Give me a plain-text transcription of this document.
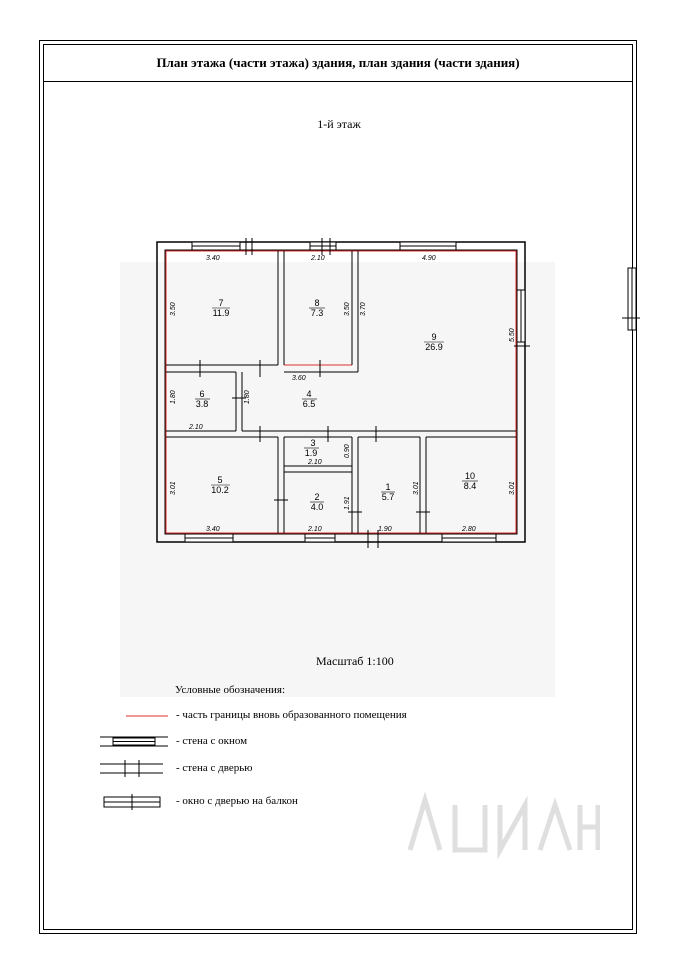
План этажа (части этажа) здания, план здания (части здания)
1-й этаж
7
11.9
8
7.3
9
26.9
6
3.8
4
6.5
3
1.9
5
10.2
2
4.0
1
5.7
10
8.4
3.40	2.10	4.90
3.50	3.50 3.70
5.50
3.60
1.80	1.80
2.10
2.10
0.90
3.01
3.40
1.91
2.10	1.90
3.01	3.01
2.80
Масштаб 1:100
Условные обозначения:
- часть границы вновь образованного помещения
- стена с окном
- стена с дверью
- окно с дверью на балкон
